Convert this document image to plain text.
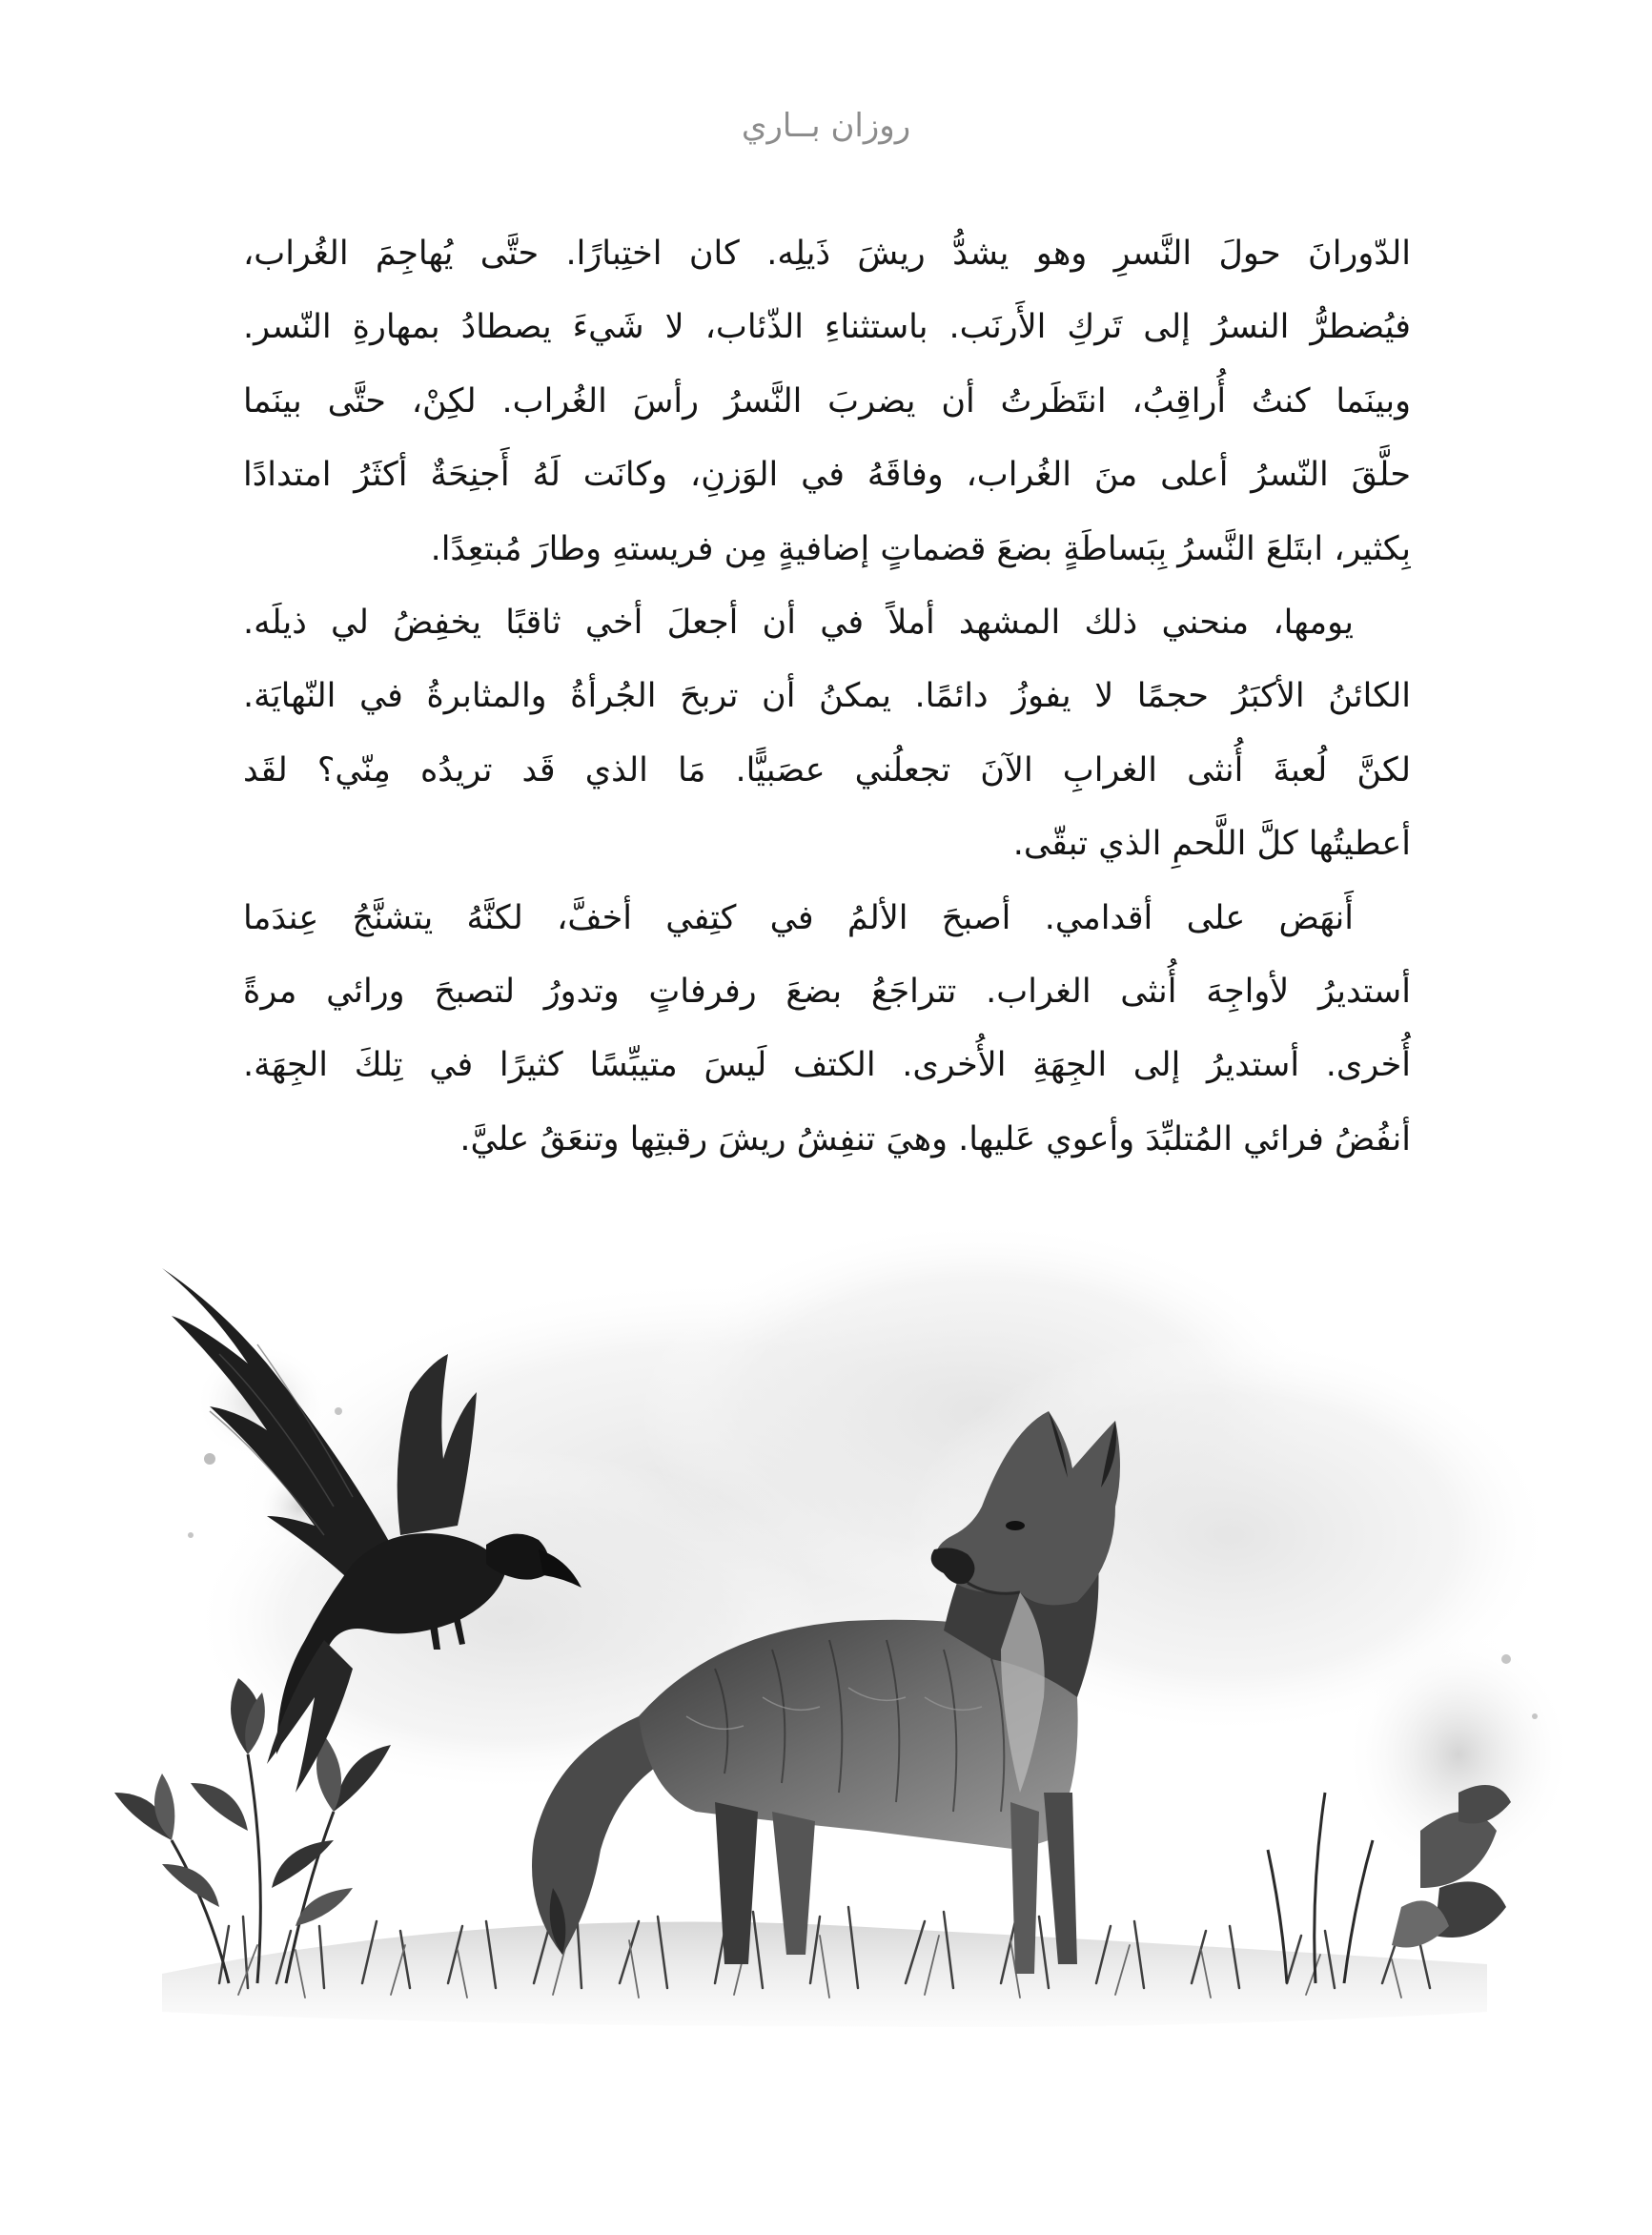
روزان بــاري

الدّورانَ حولَ النَّسرِ وهو يشدُّ ريشَ ذَيلِه. كان اختِبارًا. حتَّى يُهاجِمَ الغُراب،
فيُضطرُّ النسرُ إلى تَركِ الأَرنَب. باستثناءِ الذّئاب، لا شَيءَ يصطادُ بمهارةِ النّسر.
وبينَما كنتُ أُراقِبُ، انتَظَرتُ أن يضربَ النَّسرُ رأسَ الغُراب. لكِنْ، حتَّى بينَما
حلَّقَ النّسرُ أعلى منَ الغُراب، وفاقَهُ في الوَزنِ، وكانَت لَهُ أَجنِحَةٌ أكثَرُ امتدادًا
بِكثير، ابتَلعَ النَّسرُ بِبَساطَةٍ بضعَ قضماتٍ إضافيةٍ مِن فريستهِ وطارَ مُبتعِدًا.

يومها، منحني ذلك المشهد أملاً في أن أجعلَ أخي ثاقبًا يخفِضُ لي ذيلَه.
الكائنُ الأكبَرُ حجمًا لا يفوزُ دائمًا. يمكنُ أن تربحَ الجُرأةُ والمثابرةُ في النّهايَة.
لكنَّ لُعبةَ أُنثى الغرابِ الآنَ تجعلُني عصَبيًّا. مَا الذي قَد تريدُه مِنّي؟ لقَد
أعطيتُها كلَّ اللَّحمِ الذي تبقّى.

أَنهَض على أقدامي. أصبحَ الألمُ في كتِفي أخفَّ، لكنَّهُ يتشنَّجُ عِندَما
أستديرُ لأواجِهَ أُنثى الغراب. تتراجَعُ بضعَ رفرفاتٍ وتدورُ لتصبحَ ورائي مرةً
أُخرى. أستديرُ إلى الجِهَةِ الأُخرى. الكتف لَيسَ متيبِّسًا كثيرًا في تِلكَ الجِهَة.
أنفُضُ فرائي المُتلبِّدَ وأعوي عَليها. وهيَ تنفِشُ ريشَ رقبتِها وتنعَقُ عليَّ.
